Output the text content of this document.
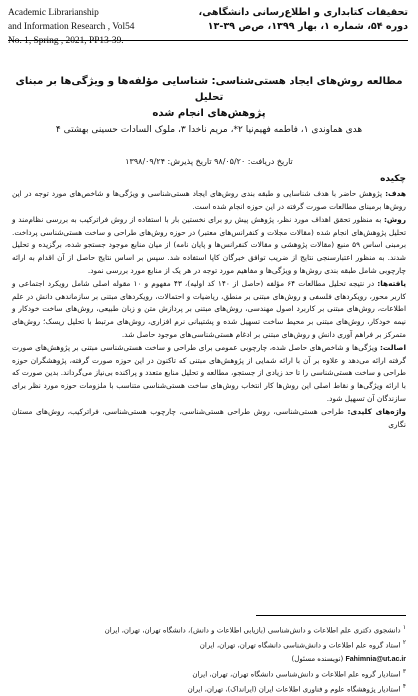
Academic Librarianship
and Information Research , Vol54
No. 1, Spring , 2021, PP13-39.
تحقیقات کتابداری و اطلاع‌رسانی دانشگاهی،
دوره ۵۴، شماره ۱، بهار ۱۳۹۹، ص‌ص ۳۹-۱۳
مطالعه روش‌های ایجاد هستی‌شناسی: شناسایی مؤلفه‌ها و ویژگی‌ها بر مبنای تحلیل
پژوهش‌های انجام شده
هدی هماوندی ۱، فاطمه فهیم‌نیا ۲*، مریم ناخدا ۳، ملوک السادات حسینی بهشتی ۴
تاریخ دریافت: ۹۸/۰۵/۲۰ تاریخ پذیرش: ۱۳۹۸/۰۹/۲۴
چکیده

هدف: پژوهش حاضر با هدف شناسایی و طبقه بندی روش‌های ایجاد هستی‌شناسی و ویژگی‌ها و شاخص‌های مورد توجه در این روش‌ها برمبنای مطالعات صورت گرفته در این حوزه انجام شده است.

روش: به منظور تحقق اهداف مورد نظر، پژوهش پیش رو برای نخستین بار با استفاده از روش فراترکیب به بررسی نظام‌مند و تحلیل پژوهش‌های انجام شده (مقالات مجلات و کنفرانس‌های معتبر) در حوزه روش‌های طراحی و ساخت هستی‌شناسی پرداخت. برمبنی اساس ۵۹ منبع (مقالات پژوهشی و مقالات کنفرانس‌ها و پایان نامه) از میان منابع موجود جستجو شده، برگزیده و تحلیل شدند. به منظور اعتبارسنجی نتایج از ضریب توافق خبرگان کاپا استفاده شد. سپس بر اساس نتایج حاصل از آن اقدام به ارائه چارچوبی شامل طبقه بندی روش‌ها و ویژگی‌ها و مفاهیم مورد توجه در هر یک از منابع مورد بررسی نمود.

یافته‌ها: در نتیجه تحلیل مطالعات ۶۴ مؤلفه (حاصل از ۱۴۰ کد اولیه)، ۴۳ مفهوم و ۱۰ مقوله اصلی شامل رویکرد اجتماعی و کاربر محور، رویکردهای فلسفی و روش‌های مبتنی بر منطق، ریاضیات و احتمالات، رویکردهای مبتنی بر سازماندهی دانش در علم اطلاعات، روش‌های مبتنی بر کاربرد اصول مهندسی، روش‌های مبتنی بر پردازش متن و زبان طبیعی، روش‌های ساخت خودکار و نیمه خودکار، روش‌های مبتنی بر محیط ساخت تسهیل شده و پشتیبانی نرم افزاری، روش‌های مرتبط با تحلیل ریسک؛ روش‌های متمرکز بر فراهم آوری دانش و روش‌های مبتنی بر ادغام هستی‌شناسی‌های موجود حاصل شد.

اصالت: ویژگی‌ها و شاخص‌های حاصل شده، چارچوبی عمومی برای طراحی و ساخت هستی‌شناسی مبتنی بر پژوهش‌های صورت گرفته ارائه می‌دهد و علاوه بر آن با ارائه شمایی از پژوهش‌های مبتنی که تاکنون در این حوزه صورت گرفته، پژوهشگران حوزه طراحی و ساخت هستی‌شناسی را تا حد زیادی از جستجو، مطالعه و تحلیل منابع متعدد و پراکنده بی‌نیاز می‌گرداند. بدین صورت که با ارائه ویژگی‌ها و نقاط اصلی این روش‌ها کار انتخاب روش‌های ساخت هستی‌شناسی متناسب با ملزومات حوزه مورد نظر برای سازندگان آن تسهیل شود.

واژه‌های کلیدی: طراحی هستی‌شناسی، روش طراحی هستی‌شناسی، چارچوب هستی‌شناسی، فراترکیب، روش‌های مستان نگاری

$^۱$ دانشجوی دکتری علم اطلاعات و دانش‌شناسی (بازیابی اطلاعات و دانش)، دانشگاه تهران، تهران، ایران
$^۲$ استاد گروه علم اطلاعات و دانش‌شناسی دانشگاه تهران، تهران، ایران
Fahimnia@ut.ac.ir (نویسنده مسئول)
$^۳$ استادیار گروه علم اطلاعات و دانش‌شناسی دانشگاه تهران، تهران، ایران
$^۴$ استادیار پژوهشگاه علوم و فناوری اطلاعات ایران (ایرانداک)، تهران، ایران
